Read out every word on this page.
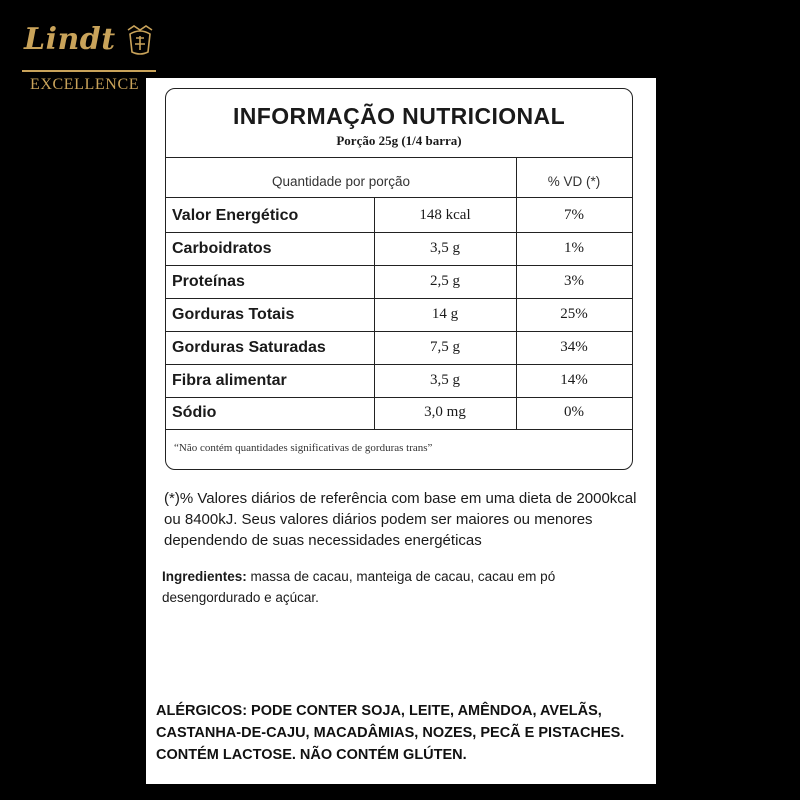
Lindt
EXCELLENCE
INFORMAÇÃO NUTRICIONAL
Porção 25g (1/4 barra)
Quantidade por porção	% VD (*)
Valor Energético	148 kcal	7%
Carboidratos	3,5 g	1%
Proteínas	2,5 g	3%
Gorduras Totais	14 g	25%
Gorduras Saturadas	7,5 g	34%
Fibra alimentar	3,5 g	14%
Sódio	3,0 mg	0%
“Não contém quantidades significativas de gorduras trans”
(*)% Valores diários de referência com base em uma dieta de 2000kcal ou 8400kJ. Seus valores diários podem ser maiores ou menores dependendo de suas necessidades energéticas
Ingredientes: massa de cacau, manteiga de cacau, cacau em pó desengordurado e açúcar.
ALÉRGICOS: PODE CONTER SOJA, LEITE, AMÊNDOA, AVELÃS, CASTANHA-DE-CAJU, MACADÂMIAS, NOZES, PECÃ E PISTACHES. CONTÉM LACTOSE. NÃO CONTÉM GLÚTEN.
